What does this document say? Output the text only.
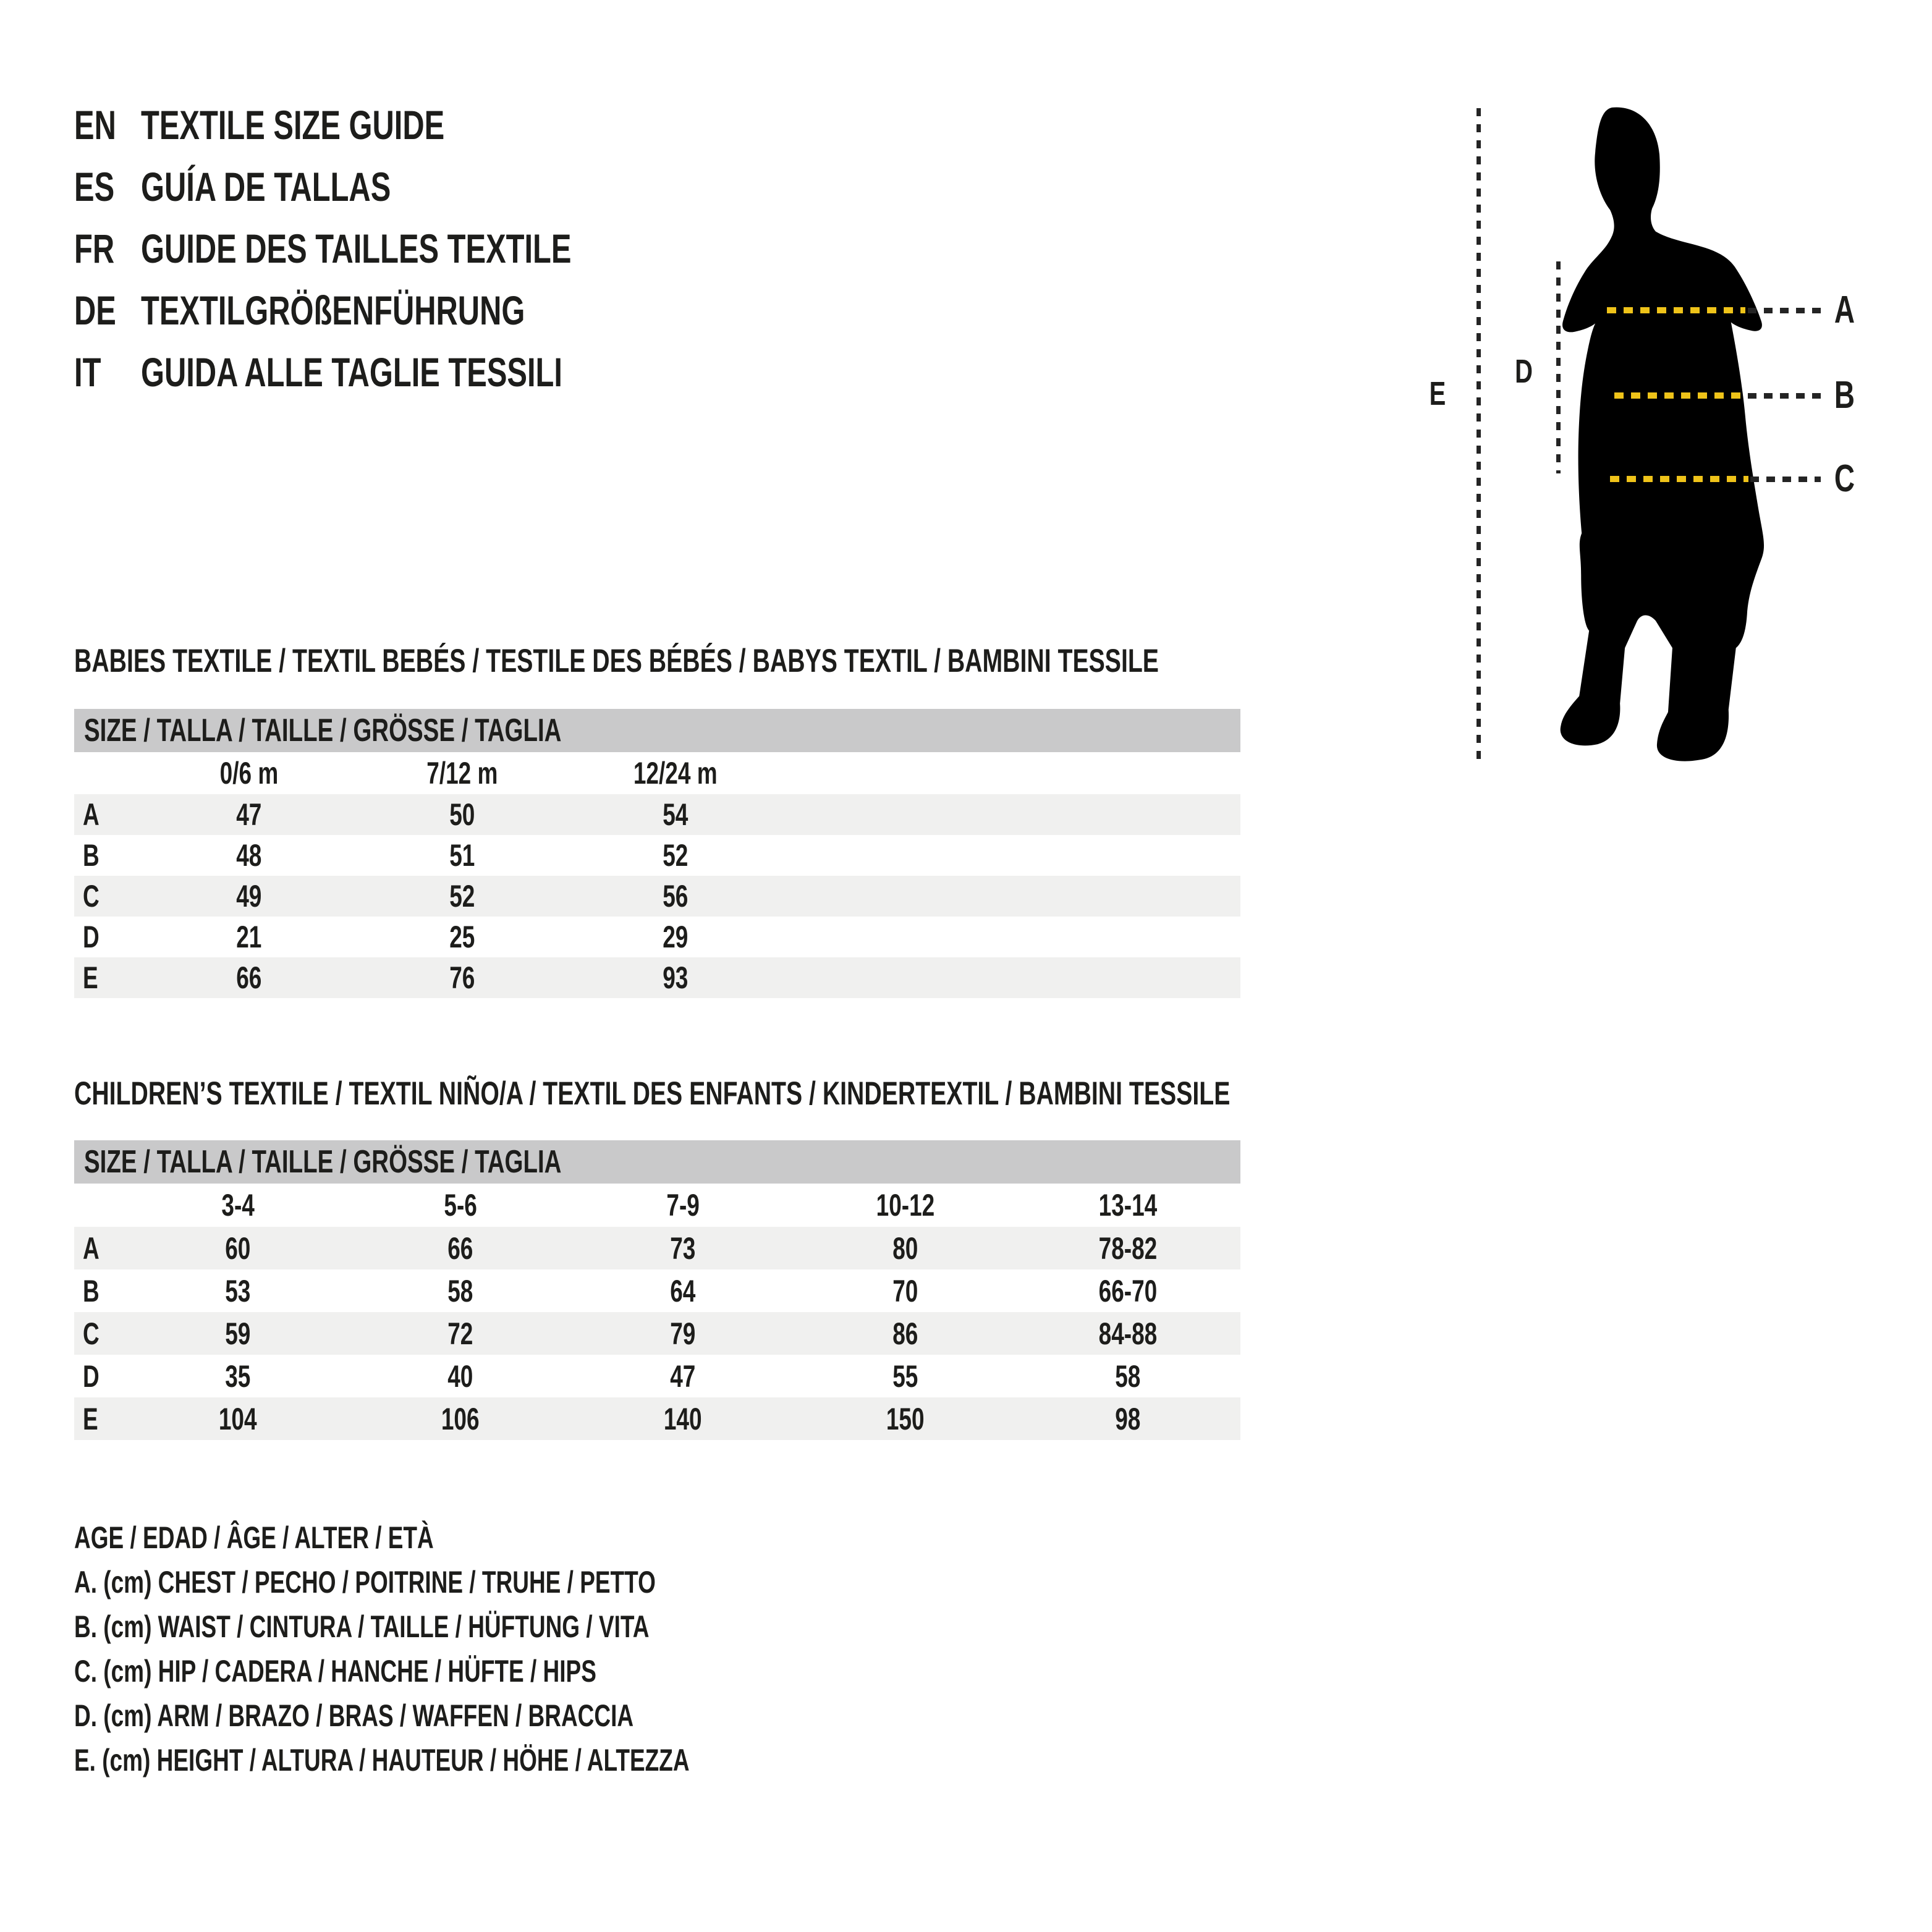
EN TEXTILE SIZE GUIDE
ES GUÍA DE TALLAS
FR GUIDE DES TAILLES TEXTILE
DE TEXTILGRÖßENFÜHRUNG
IT GUIDA ALLE TAGLIE TESSILI	E
D
A
B
C
BABIES TEXTILE / TEXTIL BEBÉS / TESTILE DES BÉBÉS / BABYS TEXTIL / BAMBINI TESSILE
SIZE / TALLA / TAILLE / GRÖSSE / TAGLIA
0/6 m	7/12 m	12/24 m
A	47	50	54
B	48	51	52
C	49	52	56
D	21	25	29
E	66	76	93
CHILDREN’S TEXTILE / TEXTIL NIÑO/A / TEXTIL DES ENFANTS / KINDERTEXTIL / BAMBINI TESSILE
SIZE / TALLA / TAILLE / GRÖSSE / TAGLIA
3-4	5-6	7-9	10-12	13-14
A	60	66	73	80	78-82
B	53	58	64	70	66-70
C	59	72	79	86	84-88
D	35	40	47	55	58
E	104	106	140	150	98
AGE / EDAD / ÂGE / ALTER / ETÀ
A. (cm) CHEST / PECHO / POITRINE / TRUHE / PETTO
B. (cm) WAIST / CINTURA / TAILLE / HÜFTUNG / VITA
C. (cm) HIP / CADERA / HANCHE / HÜFTE / HIPS
D. (cm) ARM / BRAZO / BRAS / WAFFEN / BRACCIA
E. (cm) HEIGHT / ALTURA / HAUTEUR / HÖHE / ALTEZZA
